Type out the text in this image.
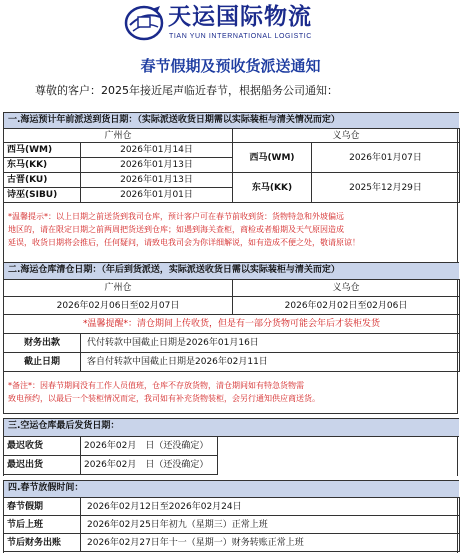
天运国际物流
TIAN YUN INTERNATIONAL LOGISTIC
春节假期及预收货派送通知
尊敬的客户：2025年接近尾声临近春节，根据船务公司通知：
一.海运预计年前派送到货日期：（实际派送收货日期需以实际装柜与清关情况而定）
广州仓	义乌仓
西马(WM)	2026年01月14日
东马(KK)	2026年01月13日
古晋(KU)	2026年01月13日
诗巫(SIBU)	2026年01月01日
西马(WM)	2026年01月07日
东马(KK)	2025年12月29日
*温馨提示*：以上日期之前送货到我司仓库，预计客户可在春节前收到货：货物特急和外坡偏远
地区的，请在限定日期之前两周把货送到仓库；如遇到海关查柜，商检或者船期及天气原因造成
延误，收货日期将会推后，任何疑问，请致电我司会为你详细解说，如有造成不便之处，敬请原谅！
二.海运仓库清仓日期：（年后到货派送，实际派送收货日需以实际装柜与清关而定）
广州仓	义乌仓
2026年02月06日至02月07日	2026年02月02日至02月06日
*温馨提醒*：清仓期间上传收货，但是有一部分货物可能会年后才装柜发货
财务出款	代付转款中国截止日期是2026年01月16日
截止日期	客自付转款中国截止日期是2026年02月11日
*备注*：因春节期间没有工作人员值班，仓库不存放货物，清仓期间如有特急货物需
致电预约，以最后一个装柜情况而定，我司如有补充货物装柜，会另行通知供应商送货。
三.空运仓库最后发货日期：
最迟收货	2026年02月　日（还没确定）
最迟出货	2026年02月　日（还没确定）
四.春节放假时间：
春节假期	2026年02月12日至2026年02月24日
节后上班	2026年02月25日年初九（星期三）正常上班
节后财务出账	2026年02月27日年十一（星期一）财务转账正常上班
